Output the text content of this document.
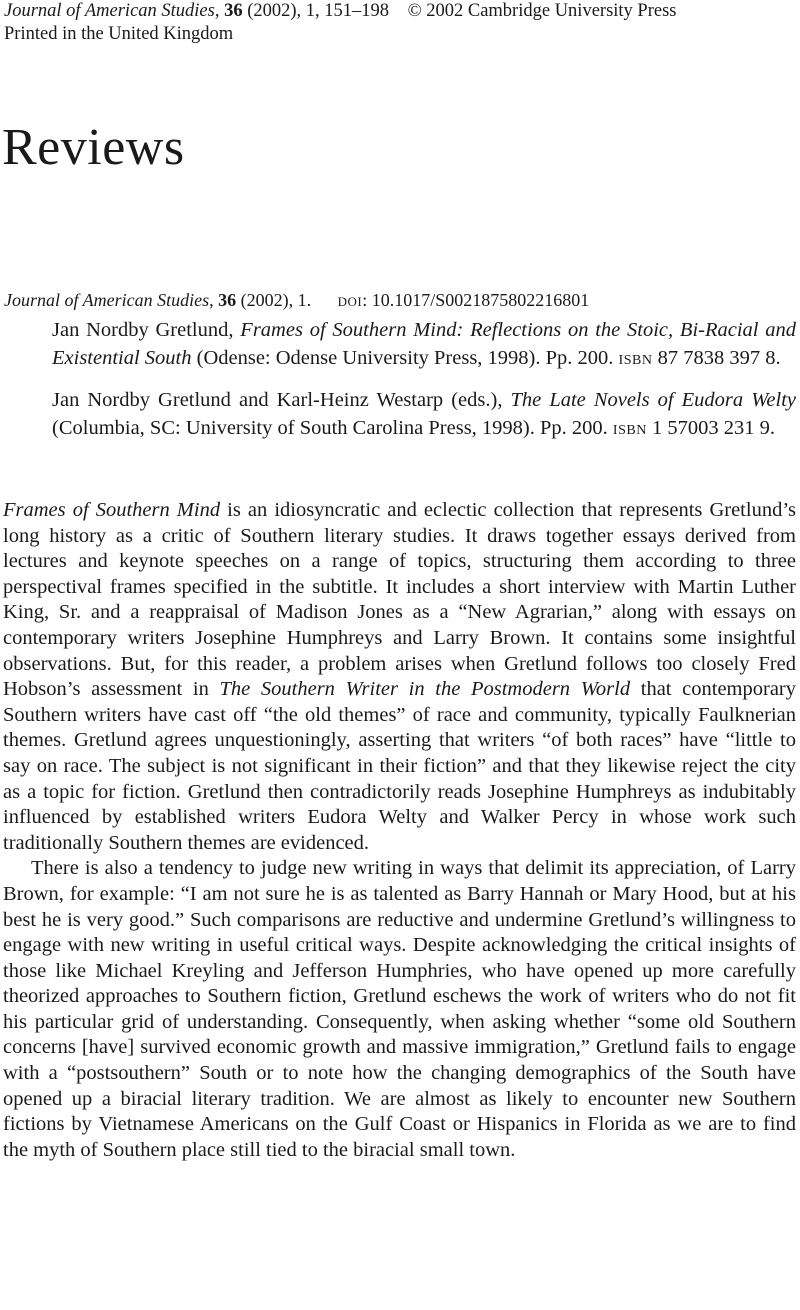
Journal of American Studies, 36 (2002), 1, 151–198 © 2002 Cambridge University Press
Printed in the United Kingdom
Reviews
Journal of American Studies, 36 (2002), 1. doi: 10.1017/S0021875802216801

Jan Nordby Gretlund, Frames of Southern Mind: Reflections on the Stoic, Bi-Racial and Existential South (Odense: Odense University Press, 1998). Pp. 200. isbn 87 7838 397 8.

Jan Nordby Gretlund and Karl-Heinz Westarp (eds.), The Late Novels of Eudora Welty (Columbia, SC: University of South Carolina Press, 1998). Pp. 200. isbn 1 57003 231 9.

Frames of Southern Mind is an idiosyncratic and eclectic collection that represents Gretlund’s long history as a critic of Southern literary studies. It draws together essays derived from lectures and keynote speeches on a range of topics, structuring them according to three perspectival frames specified in the subtitle. It includes a short interview with Martin Luther King, Sr. and a reappraisal of Madison Jones as a “New Agrarian,” along with essays on contemporary writers Josephine Humphreys and Larry Brown. It contains some insightful observations. But, for this reader, a problem arises when Gretlund follows too closely Fred Hobson’s assessment in The Southern Writer in the Postmodern World that contemporary Southern writers have cast off “the old themes” of race and community, typically Faulknerian themes. Gretlund agrees unquestioningly, asserting that writers “of both races” have “little to say on race. The subject is not significant in their fiction” and that they likewise reject the city as a topic for fiction. Gretlund then contradictorily reads Josephine Humphreys as indubitably influenced by established writers Eudora Welty and Walker Percy in whose work such traditionally Southern themes are evidenced.

There is also a tendency to judge new writing in ways that delimit its appreciation, of Larry Brown, for example: “I am not sure he is as talented as Barry Hannah or Mary Hood, but at his best he is very good.” Such comparisons are reductive and undermine Gretlund’s willingness to engage with new writing in useful critical ways. Despite acknowledging the critical insights of those like Michael Kreyling and Jefferson Humphries, who have opened up more carefully theorized approaches to Southern fiction, Gretlund eschews the work of writers who do not fit his particular grid of understanding. Consequently, when asking whether “some old Southern concerns [have] survived economic growth and massive immigration,” Gretlund fails to engage with a “postsouthern” South or to note how the changing demographics of the South have opened up a biracial literary tradition. We are almost as likely to encounter new Southern fictions by Vietnamese Americans on the Gulf Coast or Hispanics in Florida as we are to find the myth of Southern place still tied to the biracial small town.
